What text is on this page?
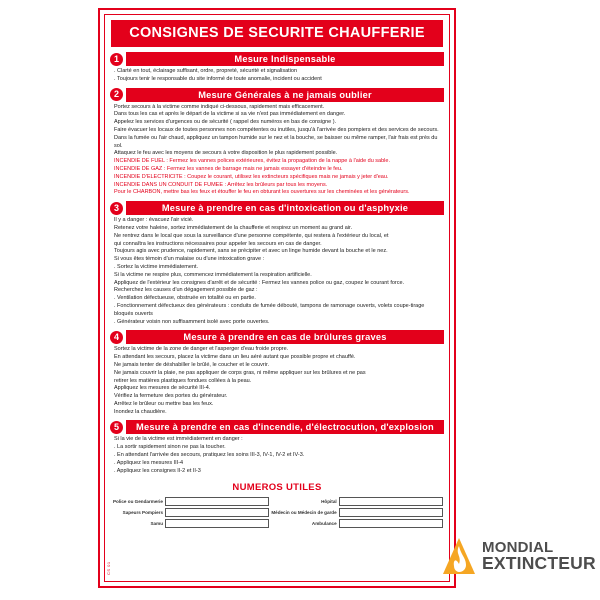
CONSIGNES DE SECURITE CHAUFFERIE
1	Mesure Indispensable

. Clarté en tout, éclairage suffisant, ordre, propreté, sécurité et signalisation

. Toujours tenir le responsable du site informé de toute anomalie, incident ou accident

2	Mesure Générales à ne jamais oublier

Portez secours à la victime comme indiqué ci-dessous, rapidement mais efficacement.

Dans tous les cas et après le départ de la victime si sa vie n'est pas immédiatement en danger.

Appelez les services d'urgences ou de sécurité ( rappel des numéros en bas de consigne ).

Faire évacuer les locaux de toutes personnes non compétentes ou inutiles, jusqu'à l'arrivée des pompiers et des services de secours.

Dans la fumée ou l'air chaud, appliquez un tampon humide sur le nez et la bouche, se baisser ou même ramper, l'air frais est près du sol.

Attaquez le feu avec les moyens de secours à votre disposition le plus rapidement possible.

INCENDIE DE FUEL : Fermez les vannes polices extérieures, évitez la propagation de la nappe à l'aide du sable.

INCENDIE DE GAZ : Fermez les vannes de barrage mais ne jamais essayer d'éteindre le feu.

INCENDIE D'ELECTRICITE : Coupez le courant, utilisez les extincteurs spécifiques mais ne jamais y jeter d'eau.

INCENDIE DANS UN CONDUIT DE FUMEE : Arrêtez les brûleurs par tous les moyens.

Pour le CHARBON, mettre bas les feux et étouffer le feu en obturant les ouvertures sur les cheminées et les générateurs.

3	Mesure à prendre en cas d'intoxication ou d'asphyxie

Il y a danger : évacuez l'air vicié.

Retenez votre haleine, sortez immédiatement de la chaufferie et respirez un moment au grand air.

Ne rentrez dans le local que sous la surveillance d'une personne compétente, qui restera à l'extérieur du local, et

qui connaîtra les instructions nécessaires pour appeler les secours en cas de danger.

Toujours agis avec prudence, rapidement, sans se précipiter et avec un linge humide devant la bouche et le nez.

Si vous êtes témoin d'un malaise ou d'une intoxication grave :

. Sortez la victime immédiatement.

Si la victime ne respire plus, commencez immédiatement la respiration artificielle.

Appliquez de l'extérieur les consignes d'arrêt et de sécurité : Fermez les vannes police ou gaz, coupez le courant force.

Recherchez les causes d'un dégagement possible de gaz :

. Ventilation défectueuse, obstruée en totalité ou en partie.

. Fonctionnement défectueux des générateurs : conduits de fumée débouté, tampons de ramonage ouverts, volets coupe-tirage

bloqués ouverts

. Générateur voisin non suffisamment isolé avec porte ouvertes.

4	Mesure à prendre en cas de brûlures graves

Sortez la victime de la zone de danger et l'asperger d'eau froide propre.

En attendant les secours, placez la victime dans un lieu aéré autant que possible propre et chauffé.

Ne jamais tenter de déshabiller le brûlé, le coucher et le couvrir.

Ne jamais couvrir la plaie, ne pas appliquer de corps gras, ni même appliquer sur les brûlures et ne pas

retirer les matières plastiques fondues collées à la peau.

Appliquez les mesures de sécurité III-4.

Vérifiez la fermeture des portes du générateur.

Arrêtez le brûleur ou mettre bas les feux.

Inondez la chaudière.

5	Mesure à prendre en cas d'incendie, d'électrocution, d'explosion

Si la vie de la victime est immédiatement en danger :

. La sortir rapidement sinon ne pas la toucher.

. En attendant l'arrivée des secours, pratiquez les soins III-3, IV-1, IV-2 et IV-3.

. Appliquez les mesures III-4

. Appliquez les consignes II-2 et II-3

NUMEROS UTILES
Police ou Gendarmerie		Hôpital	

Sapeurs Pompiers		Médecin ou Médecin de garde	

Samu		Ambulance	
CS 01
MONDIAL
EXTINCTEUR
